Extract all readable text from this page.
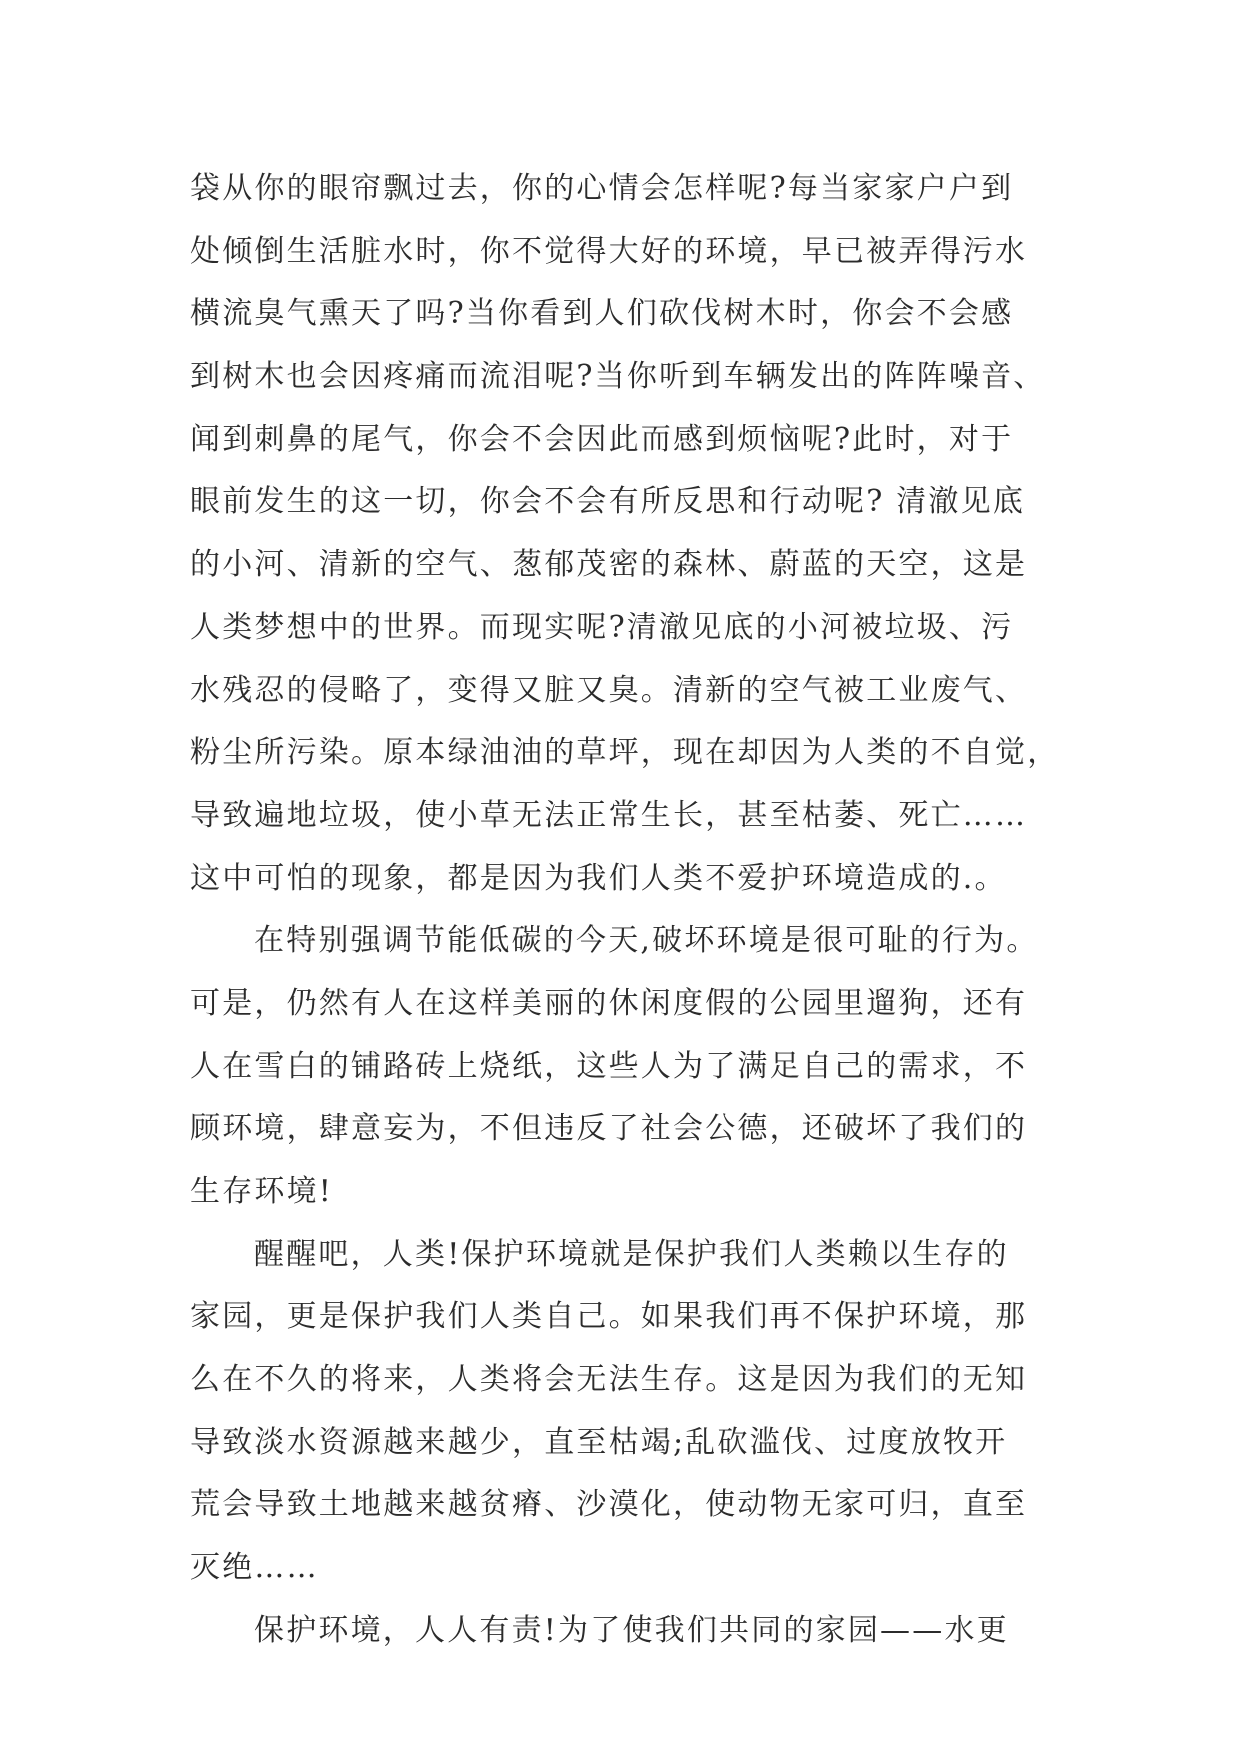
袋从你的眼帘飘过去，你的心情会怎样呢?每当家家户户到
处倾倒生活脏水时，你不觉得大好的环境，早已被弄得污水
横流臭气熏天了吗?当你看到人们砍伐树木时，你会不会感
到树木也会因疼痛而流泪呢?当你听到车辆发出的阵阵噪音、
闻到刺鼻的尾气，你会不会因此而感到烦恼呢?此时，对于
眼前发生的这一切，你会不会有所反思和行动呢? 清澈见底
的小河、清新的空气、葱郁茂密的森林、蔚蓝的天空，这是
人类梦想中的世界。而现实呢?清澈见底的小河被垃圾、污
水残忍的侵略了，变得又脏又臭。清新的空气被工业废气、
粉尘所污染。原本绿油油的草坪，现在却因为人类的不自觉，
导致遍地垃圾，使小草无法正常生长，甚至枯萎、死亡……
这中可怕的现象，都是因为我们人类不爱护环境造成的.。
在特别强调节能低碳的今天,破坏环境是很可耻的行为。
可是，仍然有人在这样美丽的休闲度假的公园里遛狗，还有
人在雪白的铺路砖上烧纸，这些人为了满足自己的需求，不
顾环境，肆意妄为，不但违反了社会公德，还破坏了我们的
生存环境!
醒醒吧，人类!保护环境就是保护我们人类赖以生存的
家园，更是保护我们人类自己。如果我们再不保护环境，那
么在不久的将来，人类将会无法生存。这是因为我们的无知
导致淡水资源越来越少，直至枯竭;乱砍滥伐、过度放牧开
荒会导致土地越来越贫瘠、沙漠化，使动物无家可归，直至
灭绝……
保护环境，人人有责!为了使我们共同的家园——水更
